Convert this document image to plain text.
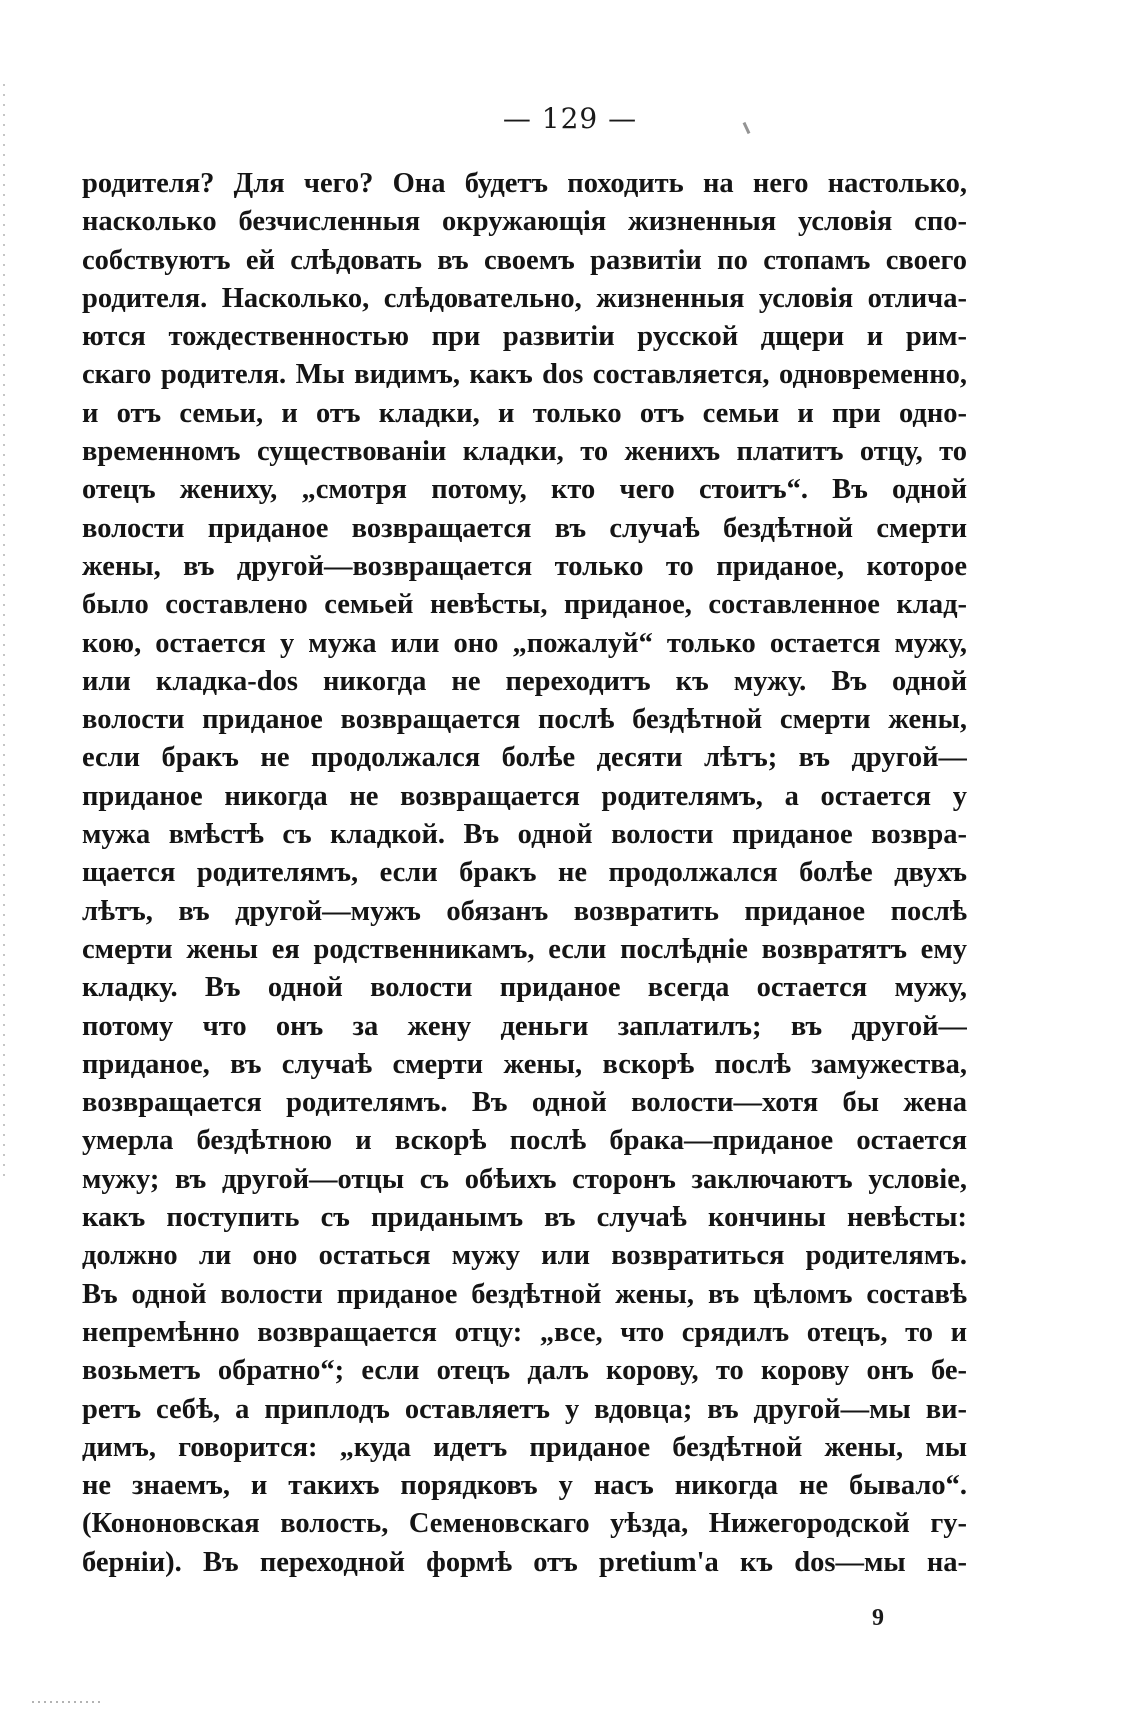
— 129 —
родителя? Для чего? Она будетъ походить на него настолько,
насколько безчисленныя окружающія жизненныя условія спо-
собствуютъ ей слѣдовать въ своемъ развитіи по стопамъ своего
родителя. Насколько, слѣдовательно, жизненныя условія отлича-
ются тождественностью при развитіи русской дщери и рим-
скаго родителя. Мы видимъ, какъ dos составляется, одновременно,
и отъ семьи, и отъ кладки, и только отъ семьи и при одно-
временномъ существованіи кладки, то женихъ платитъ отцу, то
отецъ жениху, „смотря потому, кто чего стоитъ“. Въ одной
волости приданое возвращается въ случаѣ бездѣтной смерти
жены, въ другой—возвращается только то приданое, которое
было составлено семьей невѣсты, приданое, составленное клад-
кою, остается у мужа или оно „пожалуй“ только остается мужу,
или кладка-dos никогда не переходитъ къ мужу. Въ одной
волости приданое возвращается послѣ бездѣтной смерти жены,
если бракъ не продолжался болѣе десяти лѣтъ; въ другой—
приданое никогда не возвращается родителямъ, а остается у
мужа вмѣстѣ съ кладкой. Въ одной волости приданое возвра-
щается родителямъ, если бракъ не продолжался болѣе двухъ
лѣтъ, въ другой—мужъ обязанъ возвратить приданое послѣ
смерти жены ея родственникамъ, если послѣдніе возвратятъ ему
кладку. Въ одной волости приданое всегда остается мужу,
потому что онъ за жену деньги заплатилъ; въ другой—
приданое, въ случаѣ смерти жены, вскорѣ послѣ замужества,
возвращается родителямъ. Въ одной волости—хотя бы жена
умерла бездѣтною и вскорѣ послѣ брака—приданое остается
мужу; въ другой—отцы съ обѣихъ сторонъ заключаютъ условіе,
какъ поступить съ приданымъ въ случаѣ кончины невѣсты:
должно ли оно остаться мужу или возвратиться родителямъ.
Въ одной волости приданое бездѣтной жены, въ цѣломъ составѣ
непремѣнно возвращается отцу: „все, что срядилъ отецъ, то и
возьметъ обратно“; если отецъ далъ корову, то корову онъ бе-
ретъ себѣ, а приплодъ оставляетъ у вдовца; въ другой—мы ви-
димъ, говорится: „куда идетъ приданое бездѣтной жены, мы
не знаемъ, и такихъ порядковъ у насъ никогда не бывало“.
(Кононовская волость, Семеновскаго уѣзда, Нижегородской гу-
берніи). Въ переходной формѣ отъ pretium'а къ dos—мы на-
9
